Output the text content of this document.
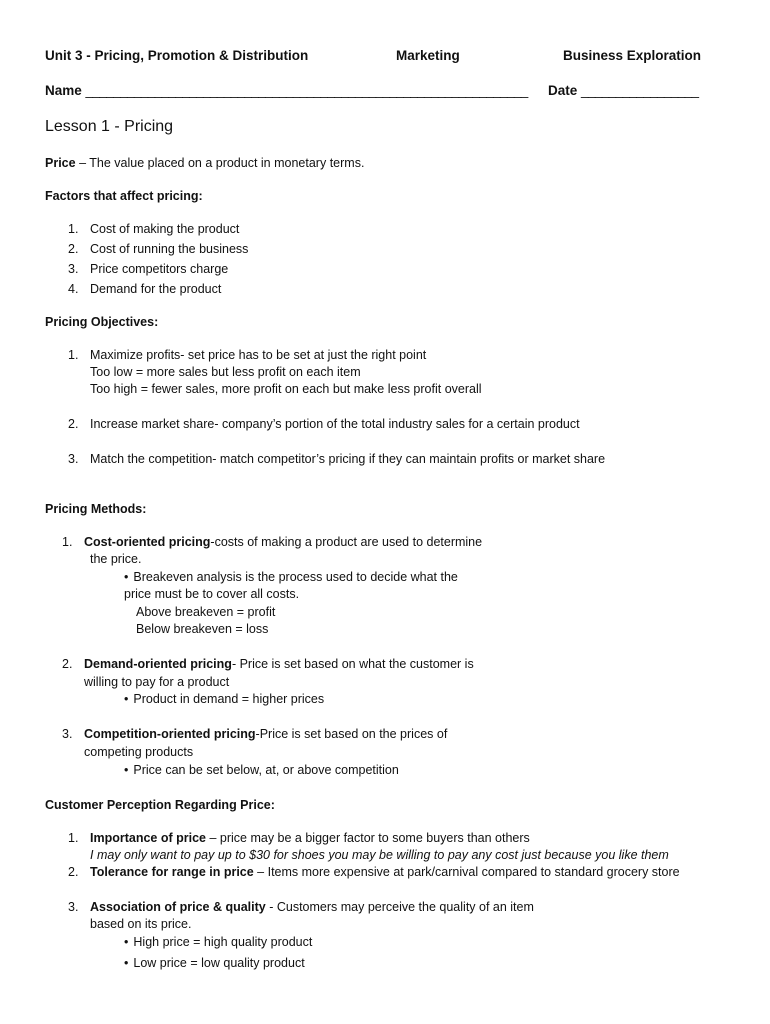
Unit 3 - Pricing, Promotion & Distribution	Marketing	Business Exploration
Name ________________________________________________________________ Date _________________
Lesson 1 - Pricing
Price – The value placed on a product in monetary terms.
Factors that affect pricing:
1. Cost of making the product
2. Cost of running the business
3. Price competitors charge
4. Demand for the product
Pricing Objectives:
1. Maximize profits- set price has to be set at just the right point
Too low = more sales but less profit on each item
Too high = fewer sales, more profit on each but make less profit overall
2. Increase market share- company’s portion of the total industry sales for a certain product
3. Match the competition- match competitor’s pricing if they can maintain profits or market share
Pricing Methods:
1. Cost-oriented pricing-costs of making a product are used to determine
the price.
• Breakeven analysis is the process used to decide what the
price must be to cover all costs.
Above breakeven = profit
Below breakeven = loss
2. Demand-oriented pricing- Price is set based on what the customer is
willing to pay for a product
• Product in demand = higher prices
3. Competition-oriented pricing-Price is set based on the prices of
competing products
• Price can be set below, at, or above competition
Customer Perception Regarding Price:
1. Importance of price – price may be a bigger factor to some buyers than others
I may only want to pay up to $30 for shoes you may be willing to pay any cost just because you like them
2. Tolerance for range in price – Items more expensive at park/carnival compared to standard grocery store
3. Association of price & quality - Customers may perceive the quality of an item
based on its price.
• High price = high quality product
• Low price = low quality product
